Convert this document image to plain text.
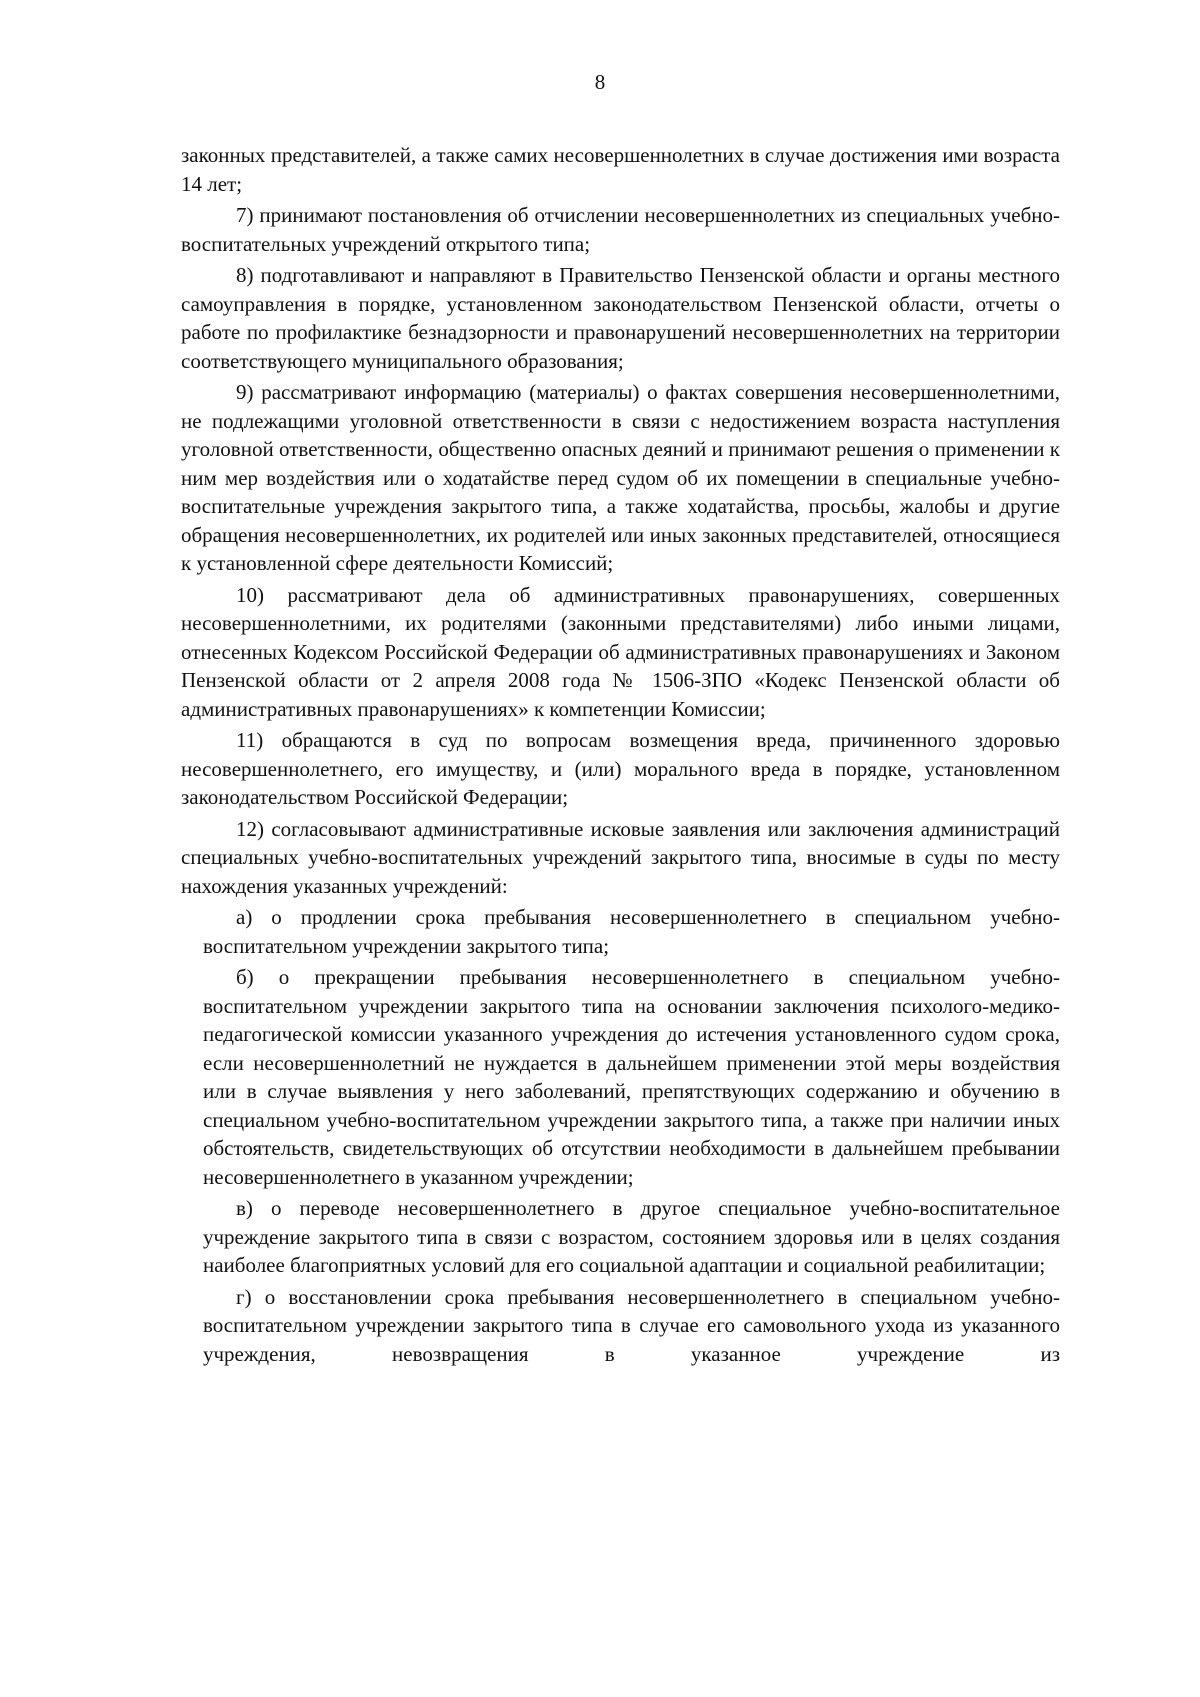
8

законных представителей, а также самих несовершеннолетних в случае достижения ими возраста 14 лет;

7) принимают постановления об отчислении несовершеннолетних из специальных учебно-воспитательных учреждений открытого типа;

8) подготавливают и направляют в Правительство Пензенской области и органы местного самоуправления в порядке, установленном законодательством Пензенской области, отчеты о работе по профилактике безнадзорности и правонарушений несовершеннолетних на территории соответствующего муниципального образования;

9) рассматривают информацию (материалы) о фактах совершения несовершеннолетними, не подлежащими уголовной ответственности в связи с недостижением возраста наступления уголовной ответственности, общественно опасных деяний и принимают решения о применении к ним мер воздействия или о ходатайстве перед судом об их помещении в специальные учебно-воспитательные учреждения закрытого типа, а также ходатайства, просьбы, жалобы и другие обращения несовершеннолетних, их родителей или иных законных представителей, относящиеся к установленной сфере деятельности Комиссий;

10) рассматривают дела об административных правонарушениях, совершенных несовершеннолетними, их родителями (законными представителями) либо иными лицами, отнесенных Кодексом Российской Федерации об административных правонарушениях и Законом Пензенской области от 2 апреля 2008 года № 1506-ЗПО «Кодекс Пензенской области об административных правонарушениях» к компетенции Комиссии;

11) обращаются в суд по вопросам возмещения вреда, причиненного здоровью несовершеннолетнего, его имуществу, и (или) морального вреда в порядке, установленном законодательством Российской Федерации;

12) согласовывают административные исковые заявления или заключения администраций специальных учебно-воспитательных учреждений закрытого типа, вносимые в суды по месту нахождения указанных учреждений:

а) о продлении срока пребывания несовершеннолетнего в специальном учебно-воспитательном учреждении закрытого типа;

б) о прекращении пребывания несовершеннолетнего в специальном учебно-воспитательном учреждении закрытого типа на основании заключения психолого-медико-педагогической комиссии указанного учреждения до истечения установленного судом срока, если несовершеннолетний не нуждается в дальнейшем применении этой меры воздействия или в случае выявления у него заболеваний, препятствующих содержанию и обучению в специальном учебно-воспитательном учреждении закрытого типа, а также при наличии иных обстоятельств, свидетельствующих об отсутствии необходимости в дальнейшем пребывании несовершеннолетнего в указанном учреждении;

в) о переводе несовершеннолетнего в другое специальное учебно-воспитательное учреждение закрытого типа в связи с возрастом, состоянием здоровья или в целях создания наиболее благоприятных условий для его социальной адаптации и социальной реабилитации;

г) о восстановлении срока пребывания несовершеннолетнего в специальном учебно-воспитательном учреждении закрытого типа в случае его самовольного ухода из указанного учреждения, невозвращения в указанное учреждение из
